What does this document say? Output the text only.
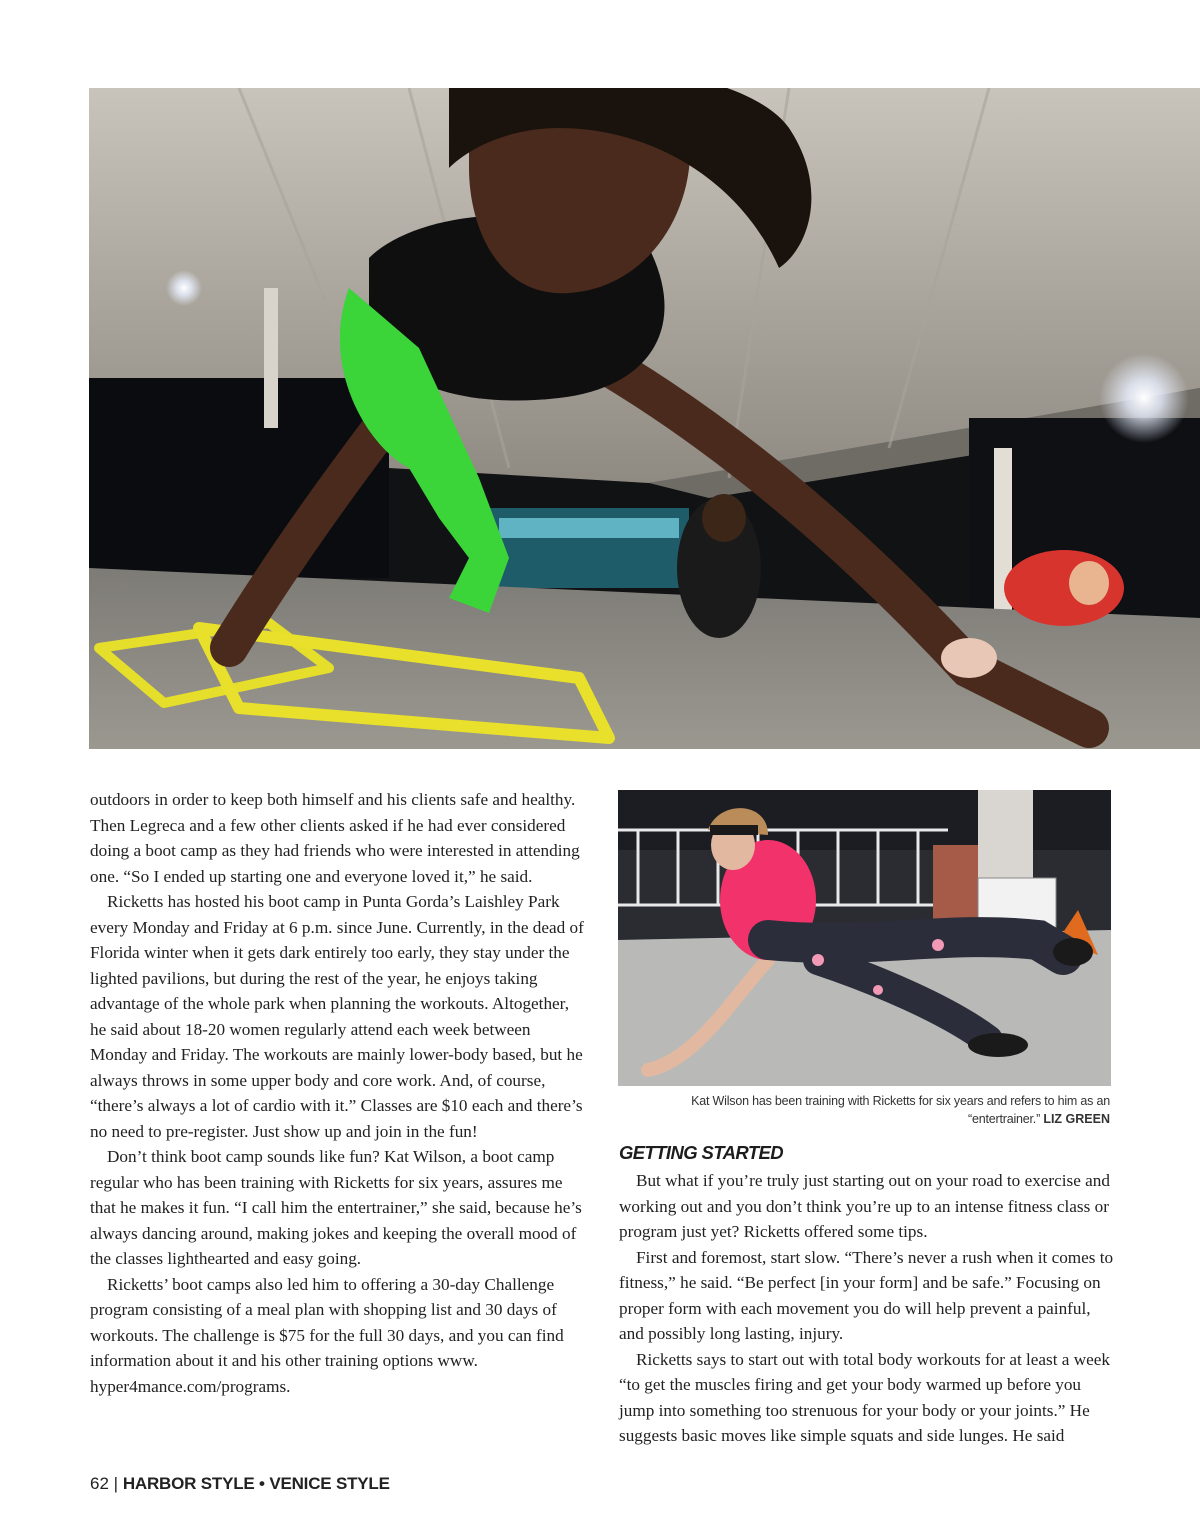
outdoors in order to keep both himself and his clients safe and healthy. Then Legreca and a few other clients asked if he had ever considered doing a boot camp as they had friends who were interested in attending one. “So I ended up starting one and everyone loved it,” he said.

Ricketts has hosted his boot camp in Punta Gorda’s Laishley Park every Monday and Friday at 6 p.m. since June. Currently, in the dead of Florida winter when it gets dark entirely too early, they stay under the lighted pavilions, but during the rest of the year, he enjoys taking advantage of the whole park when planning the workouts. Altogether, he said about 18-20 women regularly attend each week between Monday and Friday. The workouts are mainly lower-body based, but he always throws in some upper body and core work. And, of course, “there’s always a lot of cardio with it.” Classes are $10 each and there’s no need to pre-register. Just show up and join in the fun!

Don’t think boot camp sounds like fun? Kat Wilson, a boot camp regular who has been training with Ricketts for six years, assures me that he makes it fun. “I call him the entertrainer,” she said, because he’s always dancing around, making jokes and keeping the overall mood of the classes lighthearted and easy going.

Ricketts’ boot camps also led him to offering a 30-day Challenge program consisting of a meal plan with shopping list and 30 days of workouts. The challenge is $75 for the full 30 days, and you can find information about it and his other training options www. hyper4mance.com/programs.

Kat Wilson has been training with Ricketts for six years and refers to him as an “entertrainer.” LIZ GREEN
GETTING STARTED

But what if you’re truly just starting out on your road to exercise and working out and you don’t think you’re up to an intense fitness class or program just yet? Ricketts offered some tips.

First and foremost, start slow. “There’s never a rush when it comes to fitness,” he said. “Be perfect [in your form] and be safe.” Focusing on proper form with each movement you do will help prevent a painful, and possibly long lasting, injury.

Ricketts says to start out with total body workouts for at least a week “to get the muscles firing and get your body warmed up before you jump into something too strenuous for your body or your joints.” He suggests basic moves like simple squats and side lunges. He said

62 | HARBOR STYLE • VENICE STYLE
